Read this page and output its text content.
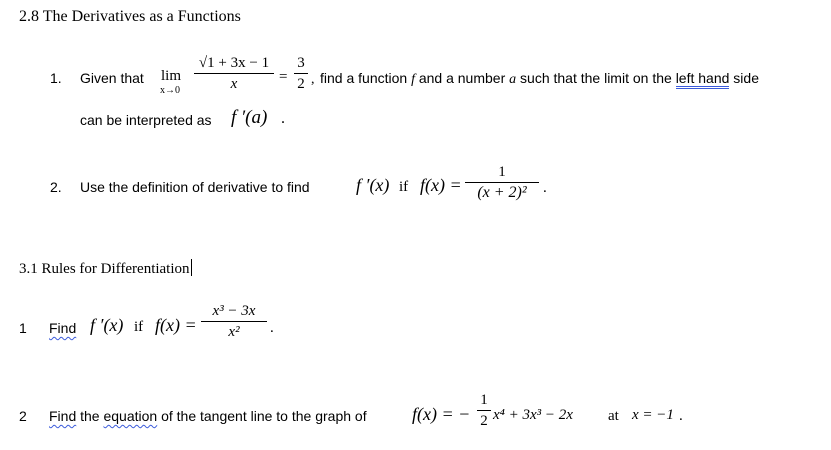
2.8 The Derivatives as a Functions
1. Given that lim
x→0
√1 + 3x − 1
x	=
3
2 , find a function f and a number a such that the limit on the left hand side
can be interpreted as f ′(a) .
2. Use the definition of derivative to find	f ′(x) if f(x) =
1
(x + 2)²	.
3.1 Rules for Differentiation
1 Find f ′(x) if f(x) =
x³ − 3x
x²	.
2 Find the equation of the tangent line to the graph of	f(x) = −
1
2 x⁴ + 3x³ − 2x at x = −1 .
